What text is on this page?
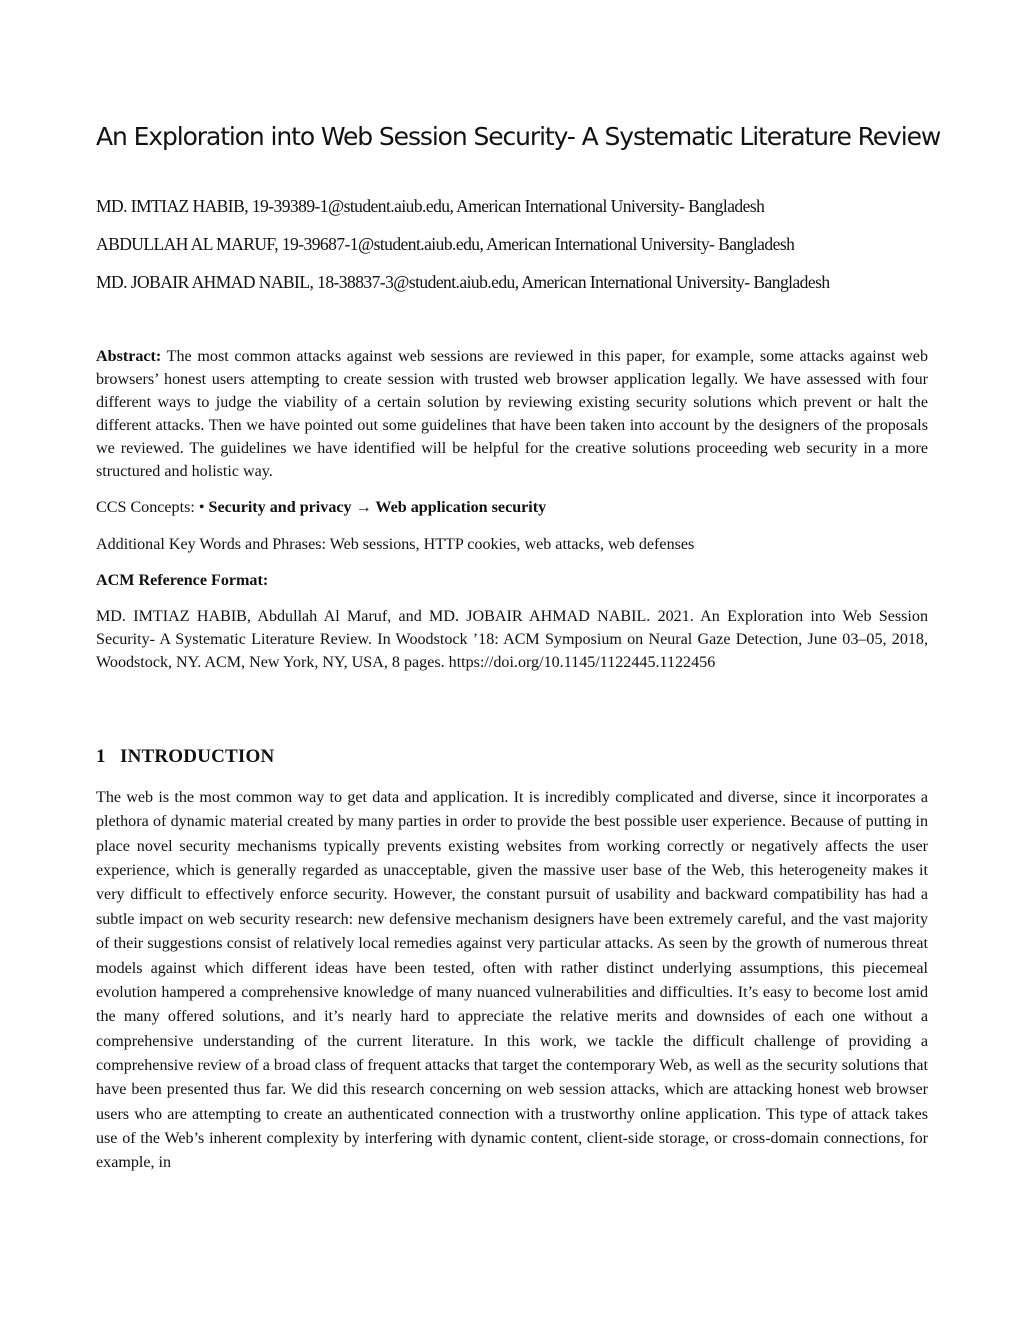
An Exploration into Web Session Security- A Systematic Literature Review

MD. IMTIAZ HABIB, 19-39389-1@student.aiub.edu, American International University- Bangladesh

ABDULLAH AL MARUF, 19-39687-1@student.aiub.edu, American International University- Bangladesh

MD. JOBAIR AHMAD NABIL, 18-38837-3@student.aiub.edu, American International University- Bangladesh

Abstract: The most common attacks against web sessions are reviewed in this paper, for example, some attacks against web browsers’ honest users attempting to create session with trusted web browser application legally. We have assessed with four different ways to judge the viability of a certain solution by reviewing existing security solutions which prevent or halt the different attacks. Then we have pointed out some guidelines that have been taken into account by the designers of the proposals we reviewed. The guidelines we have identified will be helpful for the creative solutions proceeding web security in a more structured and holistic way.

CCS Concepts: • Security and privacy → Web application security

Additional Key Words and Phrases: Web sessions, HTTP cookies, web attacks, web defenses

ACM Reference Format:

MD. IMTIAZ HABIB, Abdullah Al Maruf, and MD. JOBAIR AHMAD NABIL. 2021. An Exploration into Web Session Security- A Systematic Literature Review. In Woodstock ’18: ACM Symposium on Neural Gaze Detection, June 03–05, 2018, Woodstock, NY. ACM, New York, NY, USA, 8 pages. https://doi.org/10.1145/1122445.1122456

1 INTRODUCTION

The web is the most common way to get data and application. It is incredibly complicated and diverse, since it incorporates a plethora of dynamic material created by many parties in order to provide the best possible user experience. Because of putting in place novel security mechanisms typically prevents existing websites from working correctly or negatively affects the user experience, which is generally regarded as unacceptable, given the massive user base of the Web, this heterogeneity makes it very difficult to effectively enforce security. However, the constant pursuit of usability and backward compatibility has had a subtle impact on web security research: new defensive mechanism designers have been extremely careful, and the vast majority of their suggestions consist of relatively local remedies against very particular attacks. As seen by the growth of numerous threat models against which different ideas have been tested, often with rather distinct underlying assumptions, this piecemeal evolution hampered a comprehensive knowledge of many nuanced vulnerabilities and difficulties. It’s easy to become lost amid the many offered solutions, and it’s nearly hard to appreciate the relative merits and downsides of each one without a comprehensive understanding of the current literature. In this work, we tackle the difficult challenge of providing a comprehensive review of a broad class of frequent attacks that target the contemporary Web, as well as the security solutions that have been presented thus far. We did this research concerning on web session attacks, which are attacking honest web browser users who are attempting to create an authenticated connection with a trustworthy online application. This type of attack takes use of the Web’s inherent complexity by interfering with dynamic content, client-side storage, or cross-domain connections, for example, in
